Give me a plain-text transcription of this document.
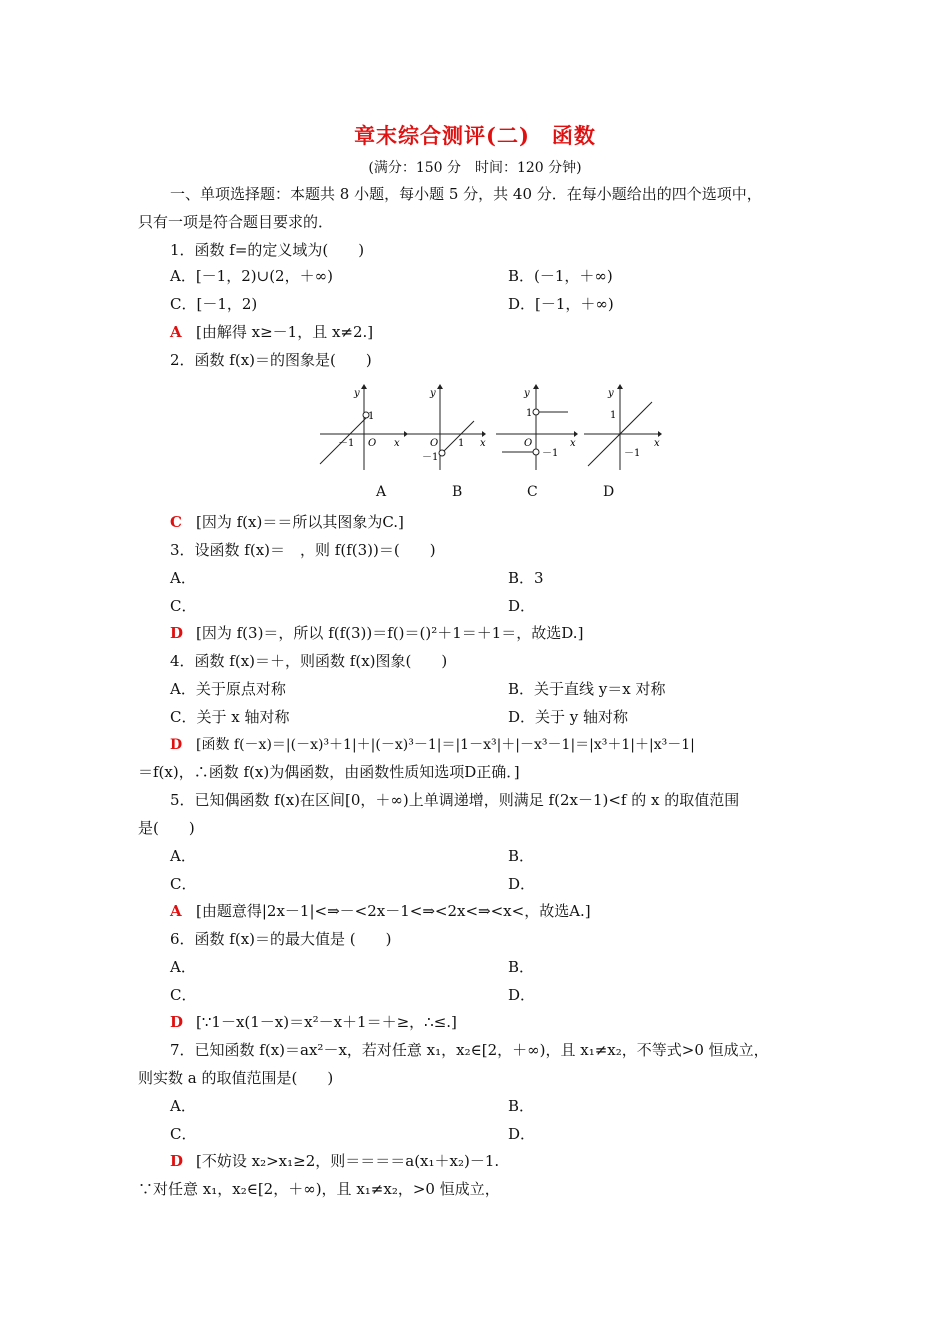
章末综合测评(二)　函数
(满分：150 分　时间：120 分钟)
一、单项选择题：本题共 8 小题，每小题 5 分，共 40 分．在每小题给出的四个选项中，
只有一项是符合题目要求的．
1．函数 f=的定义域为(　　)
A．[－1，2)∪(2，＋∞)	B．(－1，＋∞)
C．[－1，2)	D．[－1，＋∞)
A [由解得 x≥－1，且 x≠2.]
2．函数 f(x)＝的图象是(　　)
y
1
－1 O x
y
O 1
－1
x
y
1
O
－1
x
y
1
－1
x
A	B	C	D
C [因为 f(x)＝＝所以其图象为C.]
3．设函数 f(x)＝　，则 f(f(3))＝(　　)
A．	B．3
C．	D．
D [因为 f(3)＝，所以 f(f(3))＝f()＝()²＋1＝＋1＝，故选D.]
4．函数 f(x)＝＋，则函数 f(x)图象(　　)
A．关于原点对称	B．关于直线 y＝x 对称
C．关于 x 轴对称	D．关于 y 轴对称
D [函数 f(－x)＝|(－x)³＋1|＋|(－x)³－1|＝|1－x³|＋|－x³－1|＝|x³＋1|＋|x³－1|
＝f(x)，∴函数 f(x)为偶函数，由函数性质知选项D正确．]
5．已知偶函数 f(x)在区间[0，＋∞)上单调递增，则满足 f(2x－1)<f 的 x 的取值范围
是(　　)
A．	B．
C．	D．
A [由题意得|2x－1|<⇒－<2x－1<⇒<2x<⇒<x<，故选A.]
6．函数 f(x)＝的最大值是 (　　)
A．	B．
C．	D．
D [∵1－x(1－x)＝x²－x＋1＝＋≥，∴≤.]
7．已知函数 f(x)＝ax²－x，若对任意 x₁，x₂∈[2，＋∞)，且 x₁≠x₂，不等式>0 恒成立，
则实数 a 的取值范围是(　　)
A．	B．
C．	D．
D [不妨设 x₂>x₁≥2，则＝＝＝＝a(x₁＋x₂)－1.
∵对任意 x₁，x₂∈[2，＋∞)，且 x₁≠x₂，>0 恒成立，
